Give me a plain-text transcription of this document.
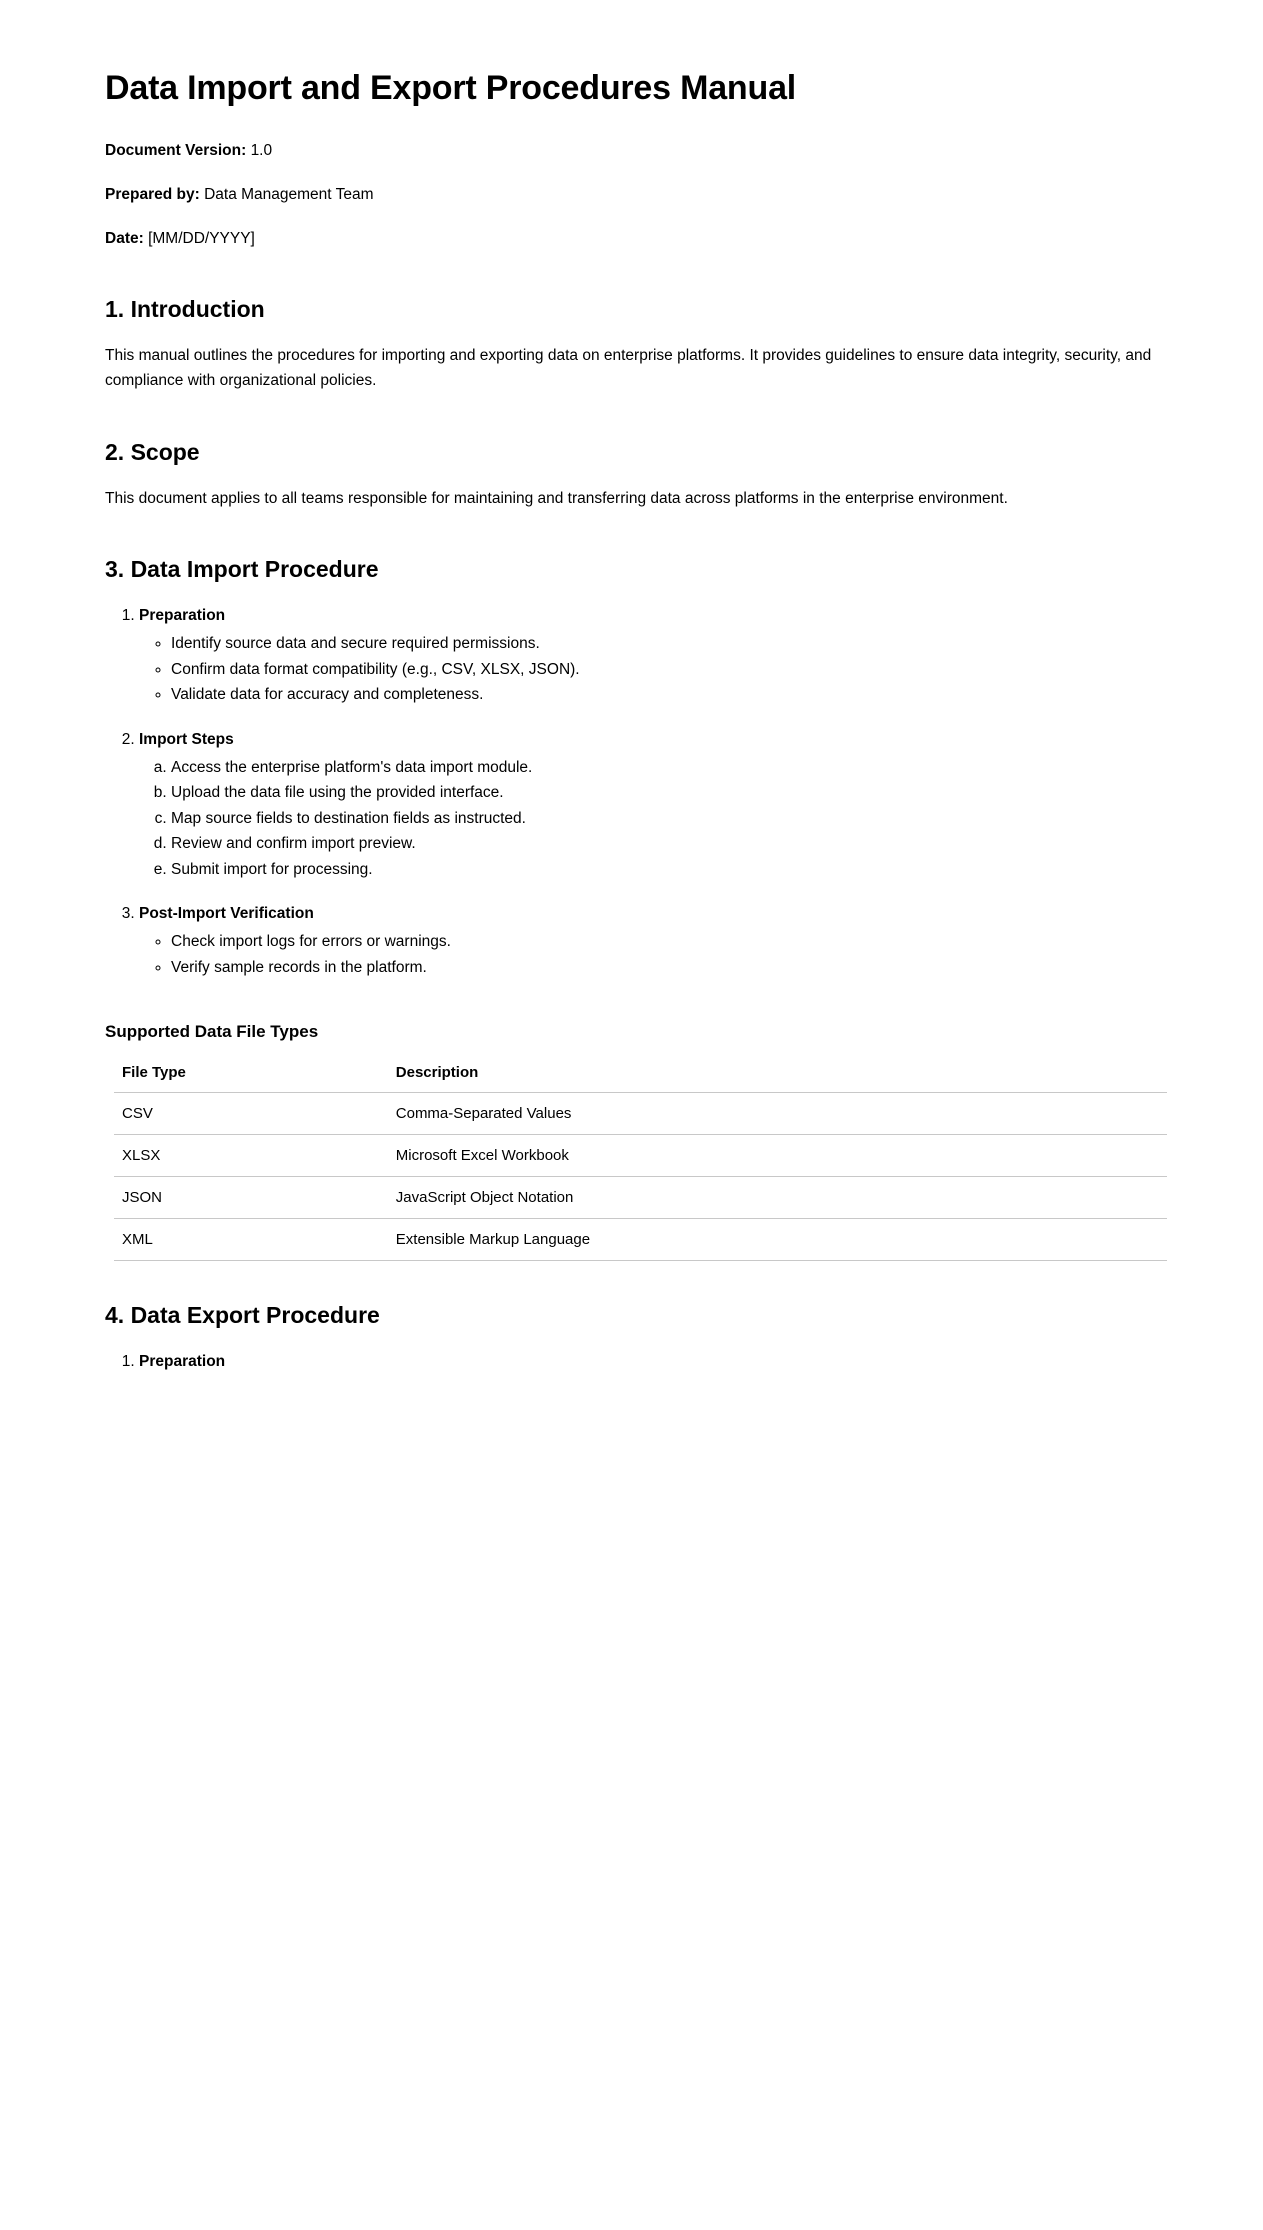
Data Import and Export Procedures Manual

Document Version: 1.0

Prepared by: Data Management Team

Date: [MM/DD/YYYY]

1. Introduction

This manual outlines the procedures for importing and exporting data on enterprise platforms. It provides guidelines to ensure data integrity, security, and compliance with organizational policies.

2. Scope

This document applies to all teams responsible for maintaining and transferring data across platforms in the enterprise environment.

3. Data Import Procedure
1. Preparation
◦ Identify source data and secure required permissions.
◦ Confirm data format compatibility (e.g., CSV, XLSX, JSON).
◦ Validate data for accuracy and completeness.
2. Import Steps
a. Access the enterprise platform's data import module.
b. Upload the data file using the provided interface.
c. Map source fields to destination fields as instructed.
d. Review and confirm import preview.
e. Submit import for processing.
3. Post-Import Verification
◦ Check import logs for errors or warnings.
◦ Verify sample records in the platform.
Supported Data File Types
File Type	Description
CSV	Comma-Separated Values
XLSX	Microsoft Excel Workbook
JSON	JavaScript Object Notation
XML	Extensible Markup Language
4. Data Export Procedure
1. Preparation
